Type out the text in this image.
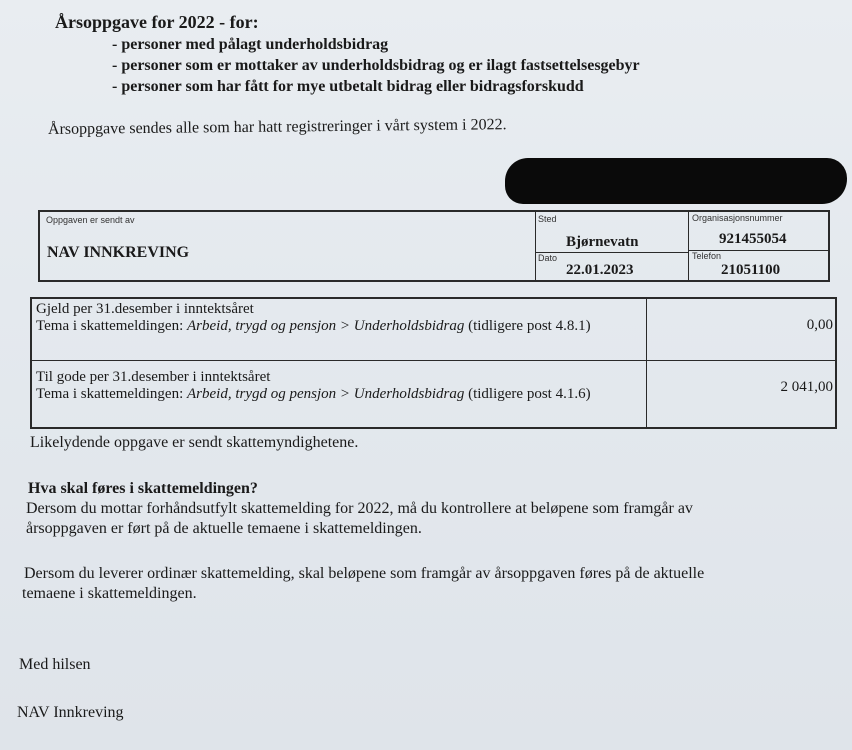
Årsoppgave for 2022 - for:
- personer med pålagt underholdsbidrag
- personer som er mottaker av underholdsbidrag og er ilagt fastsettelsesgebyr
- personer som har fått for mye utbetalt bidrag eller bidragsforskudd
Årsoppgave sendes alle som har hatt registreringer i vårt system i 2022.
Oppgaven er sendt av
NAV INNKREVING
Sted
Bjørnevatn
Dato
22.01.2023
Organisasjonsnummer
921455054
Telefon
21051100
Gjeld per 31.desember i inntektsåret
Tema i skattemeldingen: Arbeid, trygd og pensjon > Underholdsbidrag (tidligere post 4.8.1)	0,00

Til gode per 31.desember i inntektsåret
Tema i skattemeldingen: Arbeid, trygd og pensjon > Underholdsbidrag (tidligere post 4.1.6)	2 041,00
Likelydende oppgave er sendt skattemyndighetene.
Hva skal føres i skattemeldingen?
Dersom du mottar forhåndsutfylt skattemelding for 2022, må du kontrollere at beløpene som framgår av
årsoppgaven er ført på de aktuelle temaene i skattemeldingen.
Dersom du leverer ordinær skattemelding, skal beløpene som framgår av årsoppgaven føres på de aktuelle
temaene i skattemeldingen.
Med hilsen
NAV Innkreving
